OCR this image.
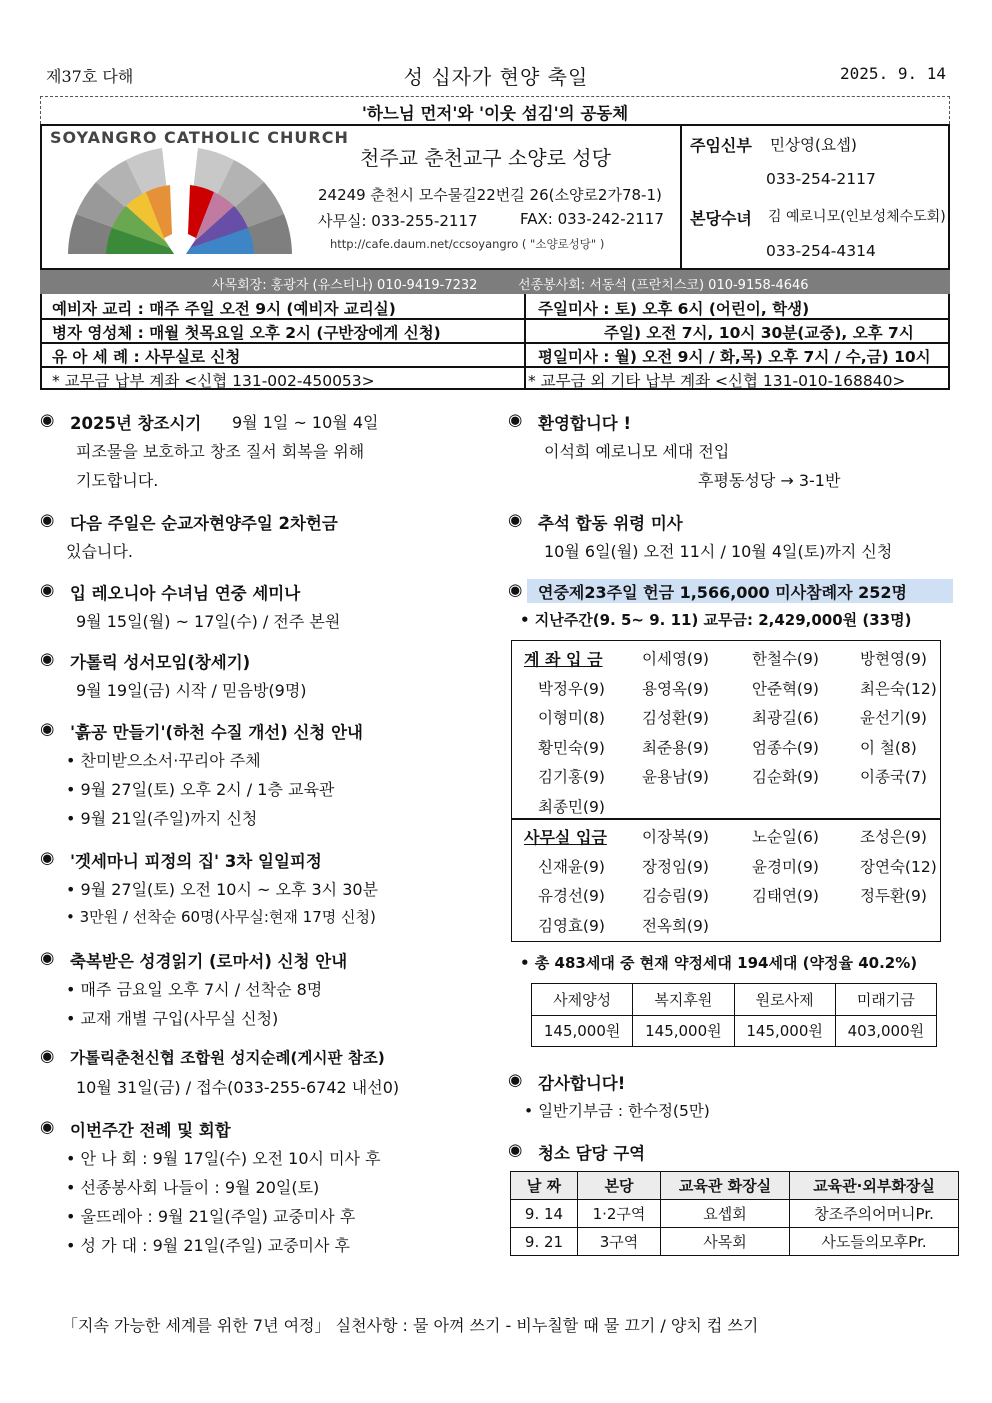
제37호 다해	성 십자가 현양 축일	2025. 9. 14
'하느님 먼저'와 '이웃 섬김'의 공동체
SOYANGRO CATHOLIC CHURCH
천주교 춘천교구 소양로 성당
24249 춘천시 모수물길22번길 26(소양로2가78-1)
사무실: 033-255-2117	FAX: 033-242-2117
http://cafe.daum.net/ccsoyangro ( "소양로성당" )
주임신부 민상영(요셉)
033-254-2117
본당수녀 김 예로니모(인보성체수도회)
033-254-4314
사목회장: 홍광자 (유스티나) 010-9419-7232	선종봉사회: 서동석 (프란치스코) 010-9158-4646
예비자 교리 : 매주 주일 오전 9시 (예비자 교리실)	주일미사 : 토) 오후 6시 (어린이, 학생)
병자 영성체 : 매월 첫목요일 오후 2시 (구반장에게 신청)	주일) 오전 7시, 10시 30분(교중), 오후 7시
유 아 세 례 : 사무실로 신청	평일미사 : 월) 오전 9시 / 화,목) 오후 7시 / 수,금) 10시
* 교무금 납부 계좌 <신협 131-002-450053>	* 교무금 외 기타 납부 계좌 <신협 131-010-168840>
◉ 2025년 창조시기 9월 1일 ~ 10월 4일
피조물을 보호하고 창조 질서 회복을 위해
기도합니다.
◉ 다음 주일은 순교자현양주일 2차헌금
있습니다.
◉ 입 레오니아 수녀님 연중 세미나
9월 15일(월) ~ 17일(수) / 전주 본원
◉ 가톨릭 성서모임(창세기)
9월 19일(금) 시작 / 믿음방(9명)
◉ '흙공 만들기'(하천 수질 개선) 신청 안내
• 찬미받으소서·꾸리아 주체
• 9월 27일(토) 오후 2시 / 1층 교육관
• 9월 21일(주일)까지 신청
◉ '겟세마니 피정의 집' 3차 일일피정
• 9월 27일(토) 오전 10시 ~ 오후 3시 30분
• 3만원 / 선착순 60명(사무실:현재 17명 신청)
◉ 축복받은 성경읽기 (로마서) 신청 안내
• 매주 금요일 오후 7시 / 선착순 8명
• 교재 개별 구입(사무실 신청)
◉ 가톨릭춘천신협 조합원 성지순례(게시판 참조)
10월 31일(금) / 접수(033-255-6742 내선0)
◉ 이번주간 전례 및 회합
• 안 나 회 : 9월 17일(수) 오전 10시 미사 후
• 선종봉사회 나들이 : 9월 20일(토)
• 울뜨레아 : 9월 21일(주일) 교중미사 후
• 성 가 대 : 9월 21일(주일) 교중미사 후
◉ 환영합니다 !
이석희 예로니모 세대 전입
후평동성당 → 3-1반
◉ 추석 합동 위령 미사
10월 6일(월) 오전 11시 / 10월 4일(토)까지 신청
◉ 연중제23주일 헌금 1,566,000 미사참례자 252명
• 지난주간(9. 5~ 9. 11) 교무금: 2,429,000원 (33명)
계 좌 입 금	이세영(9)	한철수(9)	방현영(9)
박정우(9) 용영옥(9)	안준혁(9)	최은숙(12)
이형미(8) 김성환(9)	최광길(6)	윤선기(9)
황민숙(9) 최준용(9)	엄종수(9)	이 철(8)
김기홍(9) 윤용남(9)	김순화(9)	이종국(7)
최종민(9)
사무실 입금 이장복(9)	노순일(6)	조성은(9)
신재윤(9) 장정임(9)	윤경미(9)	장연숙(12)
유경선(9) 김승림(9)	김태연(9)	정두환(9)
김영효(9) 전옥희(9)
• 총 483세대 중 현재 약정세대 194세대 (약정율 40.2%)
사제양성	복지후원	원로사제	미래기금
145,000원	145,000원	145,000원	403,000원
◉ 감사합니다!
• 일반기부금 : 한수정(5만)
◉ 청소 담당 구역
날 짜	본당	교육관 화장실	교육관·외부화장실
9. 14	1·2구역	요셉회	창조주의어머니Pr.
9. 21	3구역	사목회	사도들의모후Pr.
「지속 가능한 세계를 위한 7년 여정」 실천사항 : 물 아껴 쓰기 - 비누칠할 때 물 끄기 / 양치 컵 쓰기
